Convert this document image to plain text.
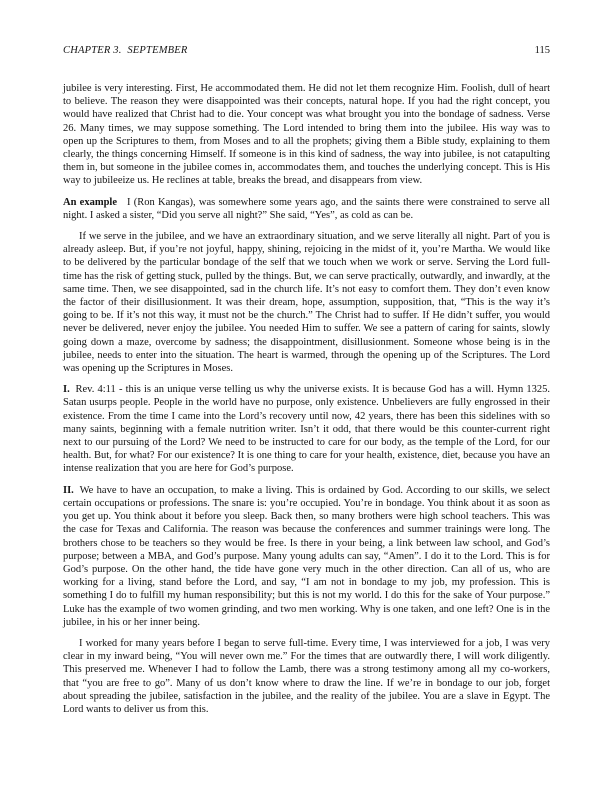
CHAPTER 3. SEPTEMBER	115

jubilee is very interesting. First, He accommodated them. He did not let them recognize Him. Foolish, dull of heart to believe. The reason they were disappointed was their concepts, natural hope. If you had the right concept, you would have realized that Christ had to die. Your concept was what brought you into the bondage of sadness. Verse 26. Many times, we may suppose something. The Lord intended to bring them into the jubilee. His way was to open up the Scriptures to them, from Moses and to all the prophets; giving them a Bible study, explaining to them clearly, the things concerning Himself. If someone is in this kind of sadness, the way into jubilee, is not catapulting them in, but someone in the jubilee comes in, accommodates them, and touches the underlying concept. This is His way to jubileeize us. He reclines at table, breaks the bread, and disappears from view.

An example I (Ron Kangas), was somewhere some years ago, and the saints there were constrained to serve all night. I asked a sister, “Did you serve all night?” She said, “Yes”, as cold as can be.

If we serve in the jubilee, and we have an extraordinary situation, and we serve literally all night. Part of you is already asleep. But, if you’re not joyful, happy, shining, rejoicing in the midst of it, you’re Martha. We would like to be delivered by the particular bondage of the self that we touch when we work or serve. Serving the Lord full-time has the risk of getting stuck, pulled by the things. But, we can serve practically, outwardly, and inwardly, at the same time. Then, we see disappointed, sad in the church life. It’s not easy to comfort them. They don’t even know the factor of their disillusionment. It was their dream, hope, assumption, supposition, that, “This is the way it’s going to be. If it’s not this way, it must not be the church.” The Christ had to suffer. If He didn’t suffer, you would never be delivered, never enjoy the jubilee. You needed Him to suffer. We see a pattern of caring for saints, slowly going down a maze, overcome by sadness; the disappointment, disillusionment. Someone whose being is in the jubilee, needs to enter into the situation. The heart is warmed, through the opening up of the Scriptures. The Lord was opening up the Scriptures in Moses.

I. Rev. 4:11 - this is an unique verse telling us why the universe exists. It is because God has a will. Hymn 1325. Satan usurps people. People in the world have no purpose, only existence. Unbelievers are fully engrossed in their existence. From the time I came into the Lord’s recovery until now, 42 years, there has been this sidelines with so many saints, beginning with a female nutrition writer. Isn’t it odd, that there would be this counter-current right next to our pursuing of the Lord? We need to be instructed to care for our body, as the temple of the Lord, for our health. But, for what? For our existence? It is one thing to care for your health, existence, diet, because you have an intense realization that you are here for God’s purpose.

II. We have to have an occupation, to make a living. This is ordained by God. According to our skills, we select certain occupations or professions. The snare is: you’re occupied. You’re in bondage. You think about it as soon as you get up. You think about it before you sleep. Back then, so many brothers were high school teachers. This was the case for Texas and California. The reason was because the conferences and summer trainings were long. The brothers chose to be teachers so they would be free. Is there in your being, a link between law school, and God’s purpose; between a MBA, and God’s purpose. Many young adults can say, “Amen”. I do it to the Lord. This is for God’s purpose. On the other hand, the tide have gone very much in the other direction. Can all of us, who are working for a living, stand before the Lord, and say, “I am not in bondage to my job, my profession. This is something I do to fulfill my human responsibility; but this is not my world. I do this for the sake of Your purpose.” Luke has the example of two women grinding, and two men working. Why is one taken, and one left? One is in the jubilee, in his or her inner being.

I worked for many years before I began to serve full-time. Every time, I was interviewed for a job, I was very clear in my inward being, “You will never own me.” For the times that are outwardly there, I will work diligently. This preserved me. Whenever I had to follow the Lamb, there was a strong testimony among all my co-workers, that “you are free to go”. Many of us don’t know where to draw the line. If we’re in bondage to our job, forget about spreading the jubilee, satisfaction in the jubilee, and the reality of the jubilee. You are a slave in Egypt. The Lord wants to deliver us from this.
